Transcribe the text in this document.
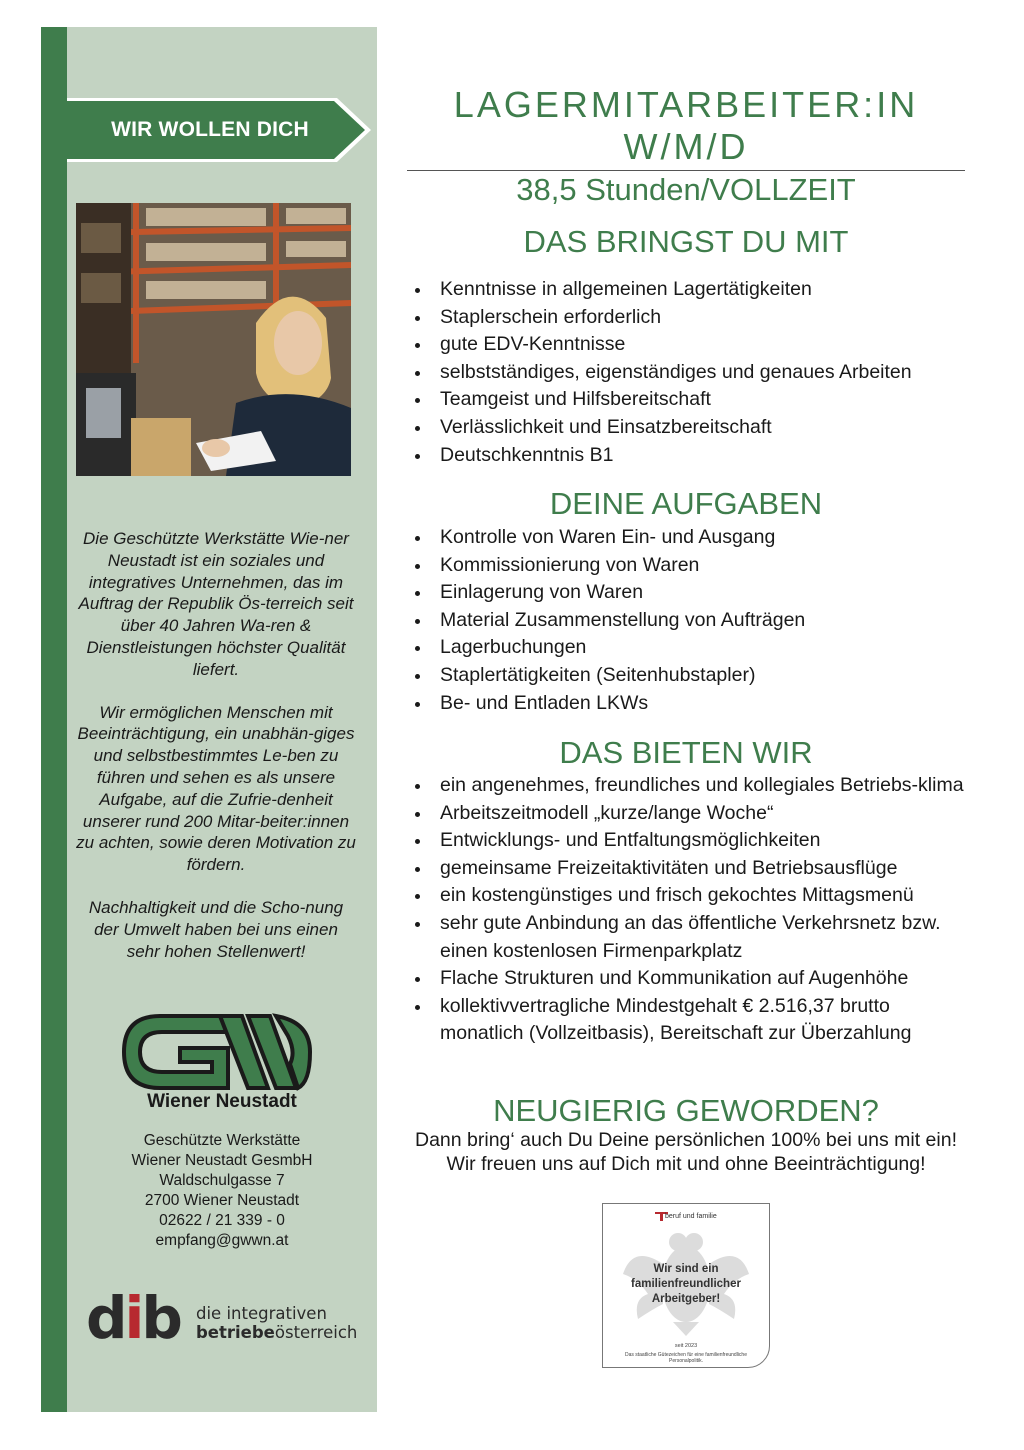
WIR WOLLEN DICH

Die Geschützte Werkstätte Wie-ner Neustadt ist ein soziales und integratives Unternehmen, das im Auftrag der Republik Ös-terreich seit über 40 Jahren Wa-ren & Dienstleistungen höchster Qualität liefert.

Wir ermöglichen Menschen mit Beeinträchtigung, ein unabhän-giges und selbstbestimmtes Le-ben zu führen und sehen es als unsere Aufgabe, auf die Zufrie-denheit unserer rund 200 Mitar-beiter:innen zu achten, sowie deren Motivation zu fördern.

Nachhaltigkeit und die Scho-nung der Umwelt haben bei uns einen sehr hohen Stellenwert!

Wiener Neustadt
Geschützte Werkstätte
Wiener Neustadt GesmbH
Waldschulgasse 7
2700 Wiener Neustadt
02622 / 21 339 - 0
empfang@gwwn.at
dib die integrativen
betriebeösterreich
LAGERMITARBEITER:IN
W/M/D
38,5 Stunden/VOLLZEIT
DAS BRINGST DU MIT
Kenntnisse in allgemeinen Lagertätigkeiten
Staplerschein erforderlich
gute EDV-Kenntnisse
selbstständiges, eigenständiges und genaues Arbeiten
Teamgeist und Hilfsbereitschaft
Verlässlichkeit und Einsatzbereitschaft
Deutschkenntnis B1
DEINE AUFGABEN
Kontrolle von Waren Ein- und Ausgang
Kommissionierung von Waren
Einlagerung von Waren
Material Zusammenstellung von Aufträgen
Lagerbuchungen
Staplertätigkeiten (Seitenhubstapler)
Be- und Entladen LKWs
DAS BIETEN WIR
ein angenehmes, freundliches und kollegiales Betriebs-klima
Arbeitszeitmodell „kurze/lange Woche“
Entwicklungs- und Entfaltungsmöglichkeiten
gemeinsame Freizeitaktivitäten und Betriebsausflüge
ein kostengünstiges und frisch gekochtes Mittagsmenü
sehr gute Anbindung an das öffentliche Verkehrsnetz bzw. einen kostenlosen Firmenparkplatz
Flache Strukturen und Kommunikation auf Augenhöhe
kollektivvertragliche Mindestgehalt € 2.516,37 brutto monatlich (Vollzeitbasis), Bereitschaft zur Überzahlung
NEUGIERIG GEWORDEN?
Dann bring‘ auch Du Deine persönlichen 100% bei uns mit ein!
Wir freuen uns auf Dich mit und ohne Beeinträchtigung!
beruf und familie
Wir sind ein
familienfreundlicher
Arbeitgeber!
seit 2023
Das staatliche Gütezeichen für eine familienfreundliche Personalpolitik.
